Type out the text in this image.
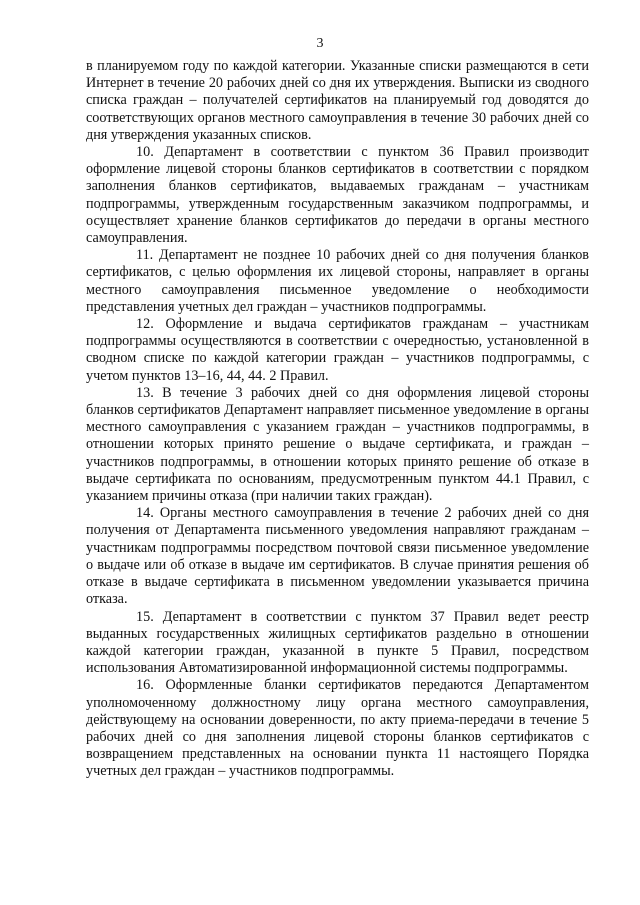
3

в планируемом году по каждой категории. Указанные списки размещаются в сети Интернет в течение 20 рабочих дней со дня их утверждения. Выписки из сводного списка граждан – получателей сертификатов на планируемый год доводятся до соответствующих органов местного самоуправления в течение 30 рабочих дней со дня утверждения указанных списков.

10. Департамент в соответствии с пунктом 36 Правил производит оформление лицевой стороны бланков сертификатов в соответствии с порядком заполнения бланков сертификатов, выдаваемых гражданам – участникам подпрограммы, утвержденным государственным заказчиком подпрограммы, и осуществляет хранение бланков сертификатов до передачи в органы местного самоуправления.

11. Департамент не позднее 10 рабочих дней со дня получения бланков сертификатов, с целью оформления их лицевой стороны, направляет в органы местного самоуправления письменное уведомление о необходимости представления учетных дел граждан – участников подпрограммы.

12. Оформление и выдача сертификатов гражданам – участникам подпрограммы осуществляются в соответствии с очередностью, установленной в сводном списке по каждой категории граждан – участников подпрограммы, с учетом пунктов 13–16, 44, 44. 2 Правил.

13. В течение 3 рабочих дней со дня оформления лицевой стороны бланков сертификатов Департамент направляет письменное уведомление в органы местного самоуправления с указанием граждан – участников подпрограммы, в отношении которых принято решение о выдаче сертификата, и граждан – участников подпрограммы, в отношении которых принято решение об отказе в выдаче сертификата по основаниям, предусмотренным пунктом 44.1 Правил, с указанием причины отказа (при наличии таких граждан).

14. Органы местного самоуправления в течение 2 рабочих дней со дня получения от Департамента письменного уведомления направляют гражданам – участникам подпрограммы посредством почтовой связи письменное уведомление о выдаче или об отказе в выдаче им сертификатов. В случае принятия решения об отказе в выдаче сертификата в письменном уведомлении указывается причина отказа.

15. Департамент в соответствии с пунктом 37 Правил ведет реестр выданных государственных жилищных сертификатов раздельно в отношении каждой категории граждан, указанной в пункте 5 Правил, посредством использования Автоматизированной информационной системы подпрограммы.

16. Оформленные бланки сертификатов передаются Департаментом уполномоченному должностному лицу органа местного самоуправления, действующему на основании доверенности, по акту приема-передачи в течение 5 рабочих дней со дня заполнения лицевой стороны бланков сертификатов с возвращением представленных на основании пункта 11 настоящего Порядка учетных дел граждан – участников подпрограммы.
